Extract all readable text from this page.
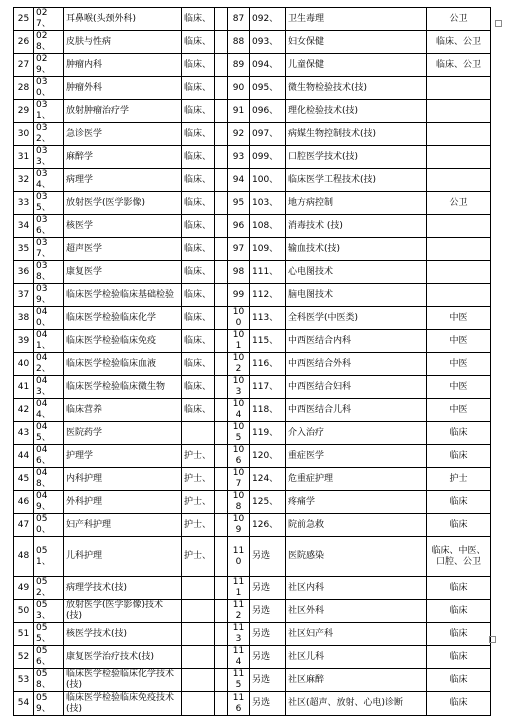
25	027、	耳鼻喉(头颈外科)	临床、		87	092、	卫生毒理	公卫
26	028、	皮肤与性病	临床、		88	093、	妇女保健	临床、公卫
27	029、	肿瘤内科	临床、		89	094、	儿童保健	临床、公卫
28	030、	肿瘤外科	临床、		90	095、	微生物检验技术(技)	
29	031、	放射肿瘤治疗学	临床、		91	096、	理化检验技术(技)	
30	032、	急诊医学	临床、		92	097、	病媒生物控制技术(技)	
31	033、	麻醉学	临床、		93	099、	口腔医学技术(技)	
32	034、	病理学	临床、		94	100、	临床医学工程技术(技)	
33	035、	放射医学(医学影像)	临床、		95	103、	地方病控制	公卫
34	036、	核医学	临床、		96	108、	消毒技术 (技)	
35	037、	超声医学	临床、		97	109、	输血技术(技)	
36	038、	康复医学	临床、		98	111、	心电图技术	
37	039、	临床医学检验临床基础检验	临床、		99	112、	脑电图技术	
38	040、	临床医学检验临床化学	临床、		100	113、	全科医学(中医类)	中医
39	041、	临床医学检验临床免疫	临床、		101	115、	中西医结合内科	中医
40	042、	临床医学检验临床血液	临床、		102	116、	中西医结合外科	中医
41	043、	临床医学检验临床微生物	临床、		103	117、	中西医结合妇科	中医
42	044、	临床营养	临床、		104	118、	中西医结合儿科	中医
43	045、	医院药学			105	119、	介入治疗	临床
44	046、	护理学	护士、		106	120、	重症医学	临床
45	048、	内科护理	护士、		107	124、	危重症护理	护士
46	049、	外科护理	护士、		108	125、	疼痛学	临床
47	050、	妇产科护理	护士、		109	126、	院前急救	临床
48	051、	儿科护理	护士、		110	另选	医院感染	临床、中医、口腔、公卫
49	052、	病理学技术(技)			111	另选	社区内科	临床
50	053、	放射医学(医学影像)技术(技)			112	另选	社区外科	临床
51	055、	核医学技术(技)			113	另选	社区妇产科	临床
52	056、	康复医学治疗技术(技)			114	另选	社区儿科	临床
53	058、	临床医学检验临床化学技术(技)			115	另选	社区麻醉	临床
54	059、	临床医学检验临床免疫技术(技)			116	另选	社区(超声、放射、心电)诊断	临床
